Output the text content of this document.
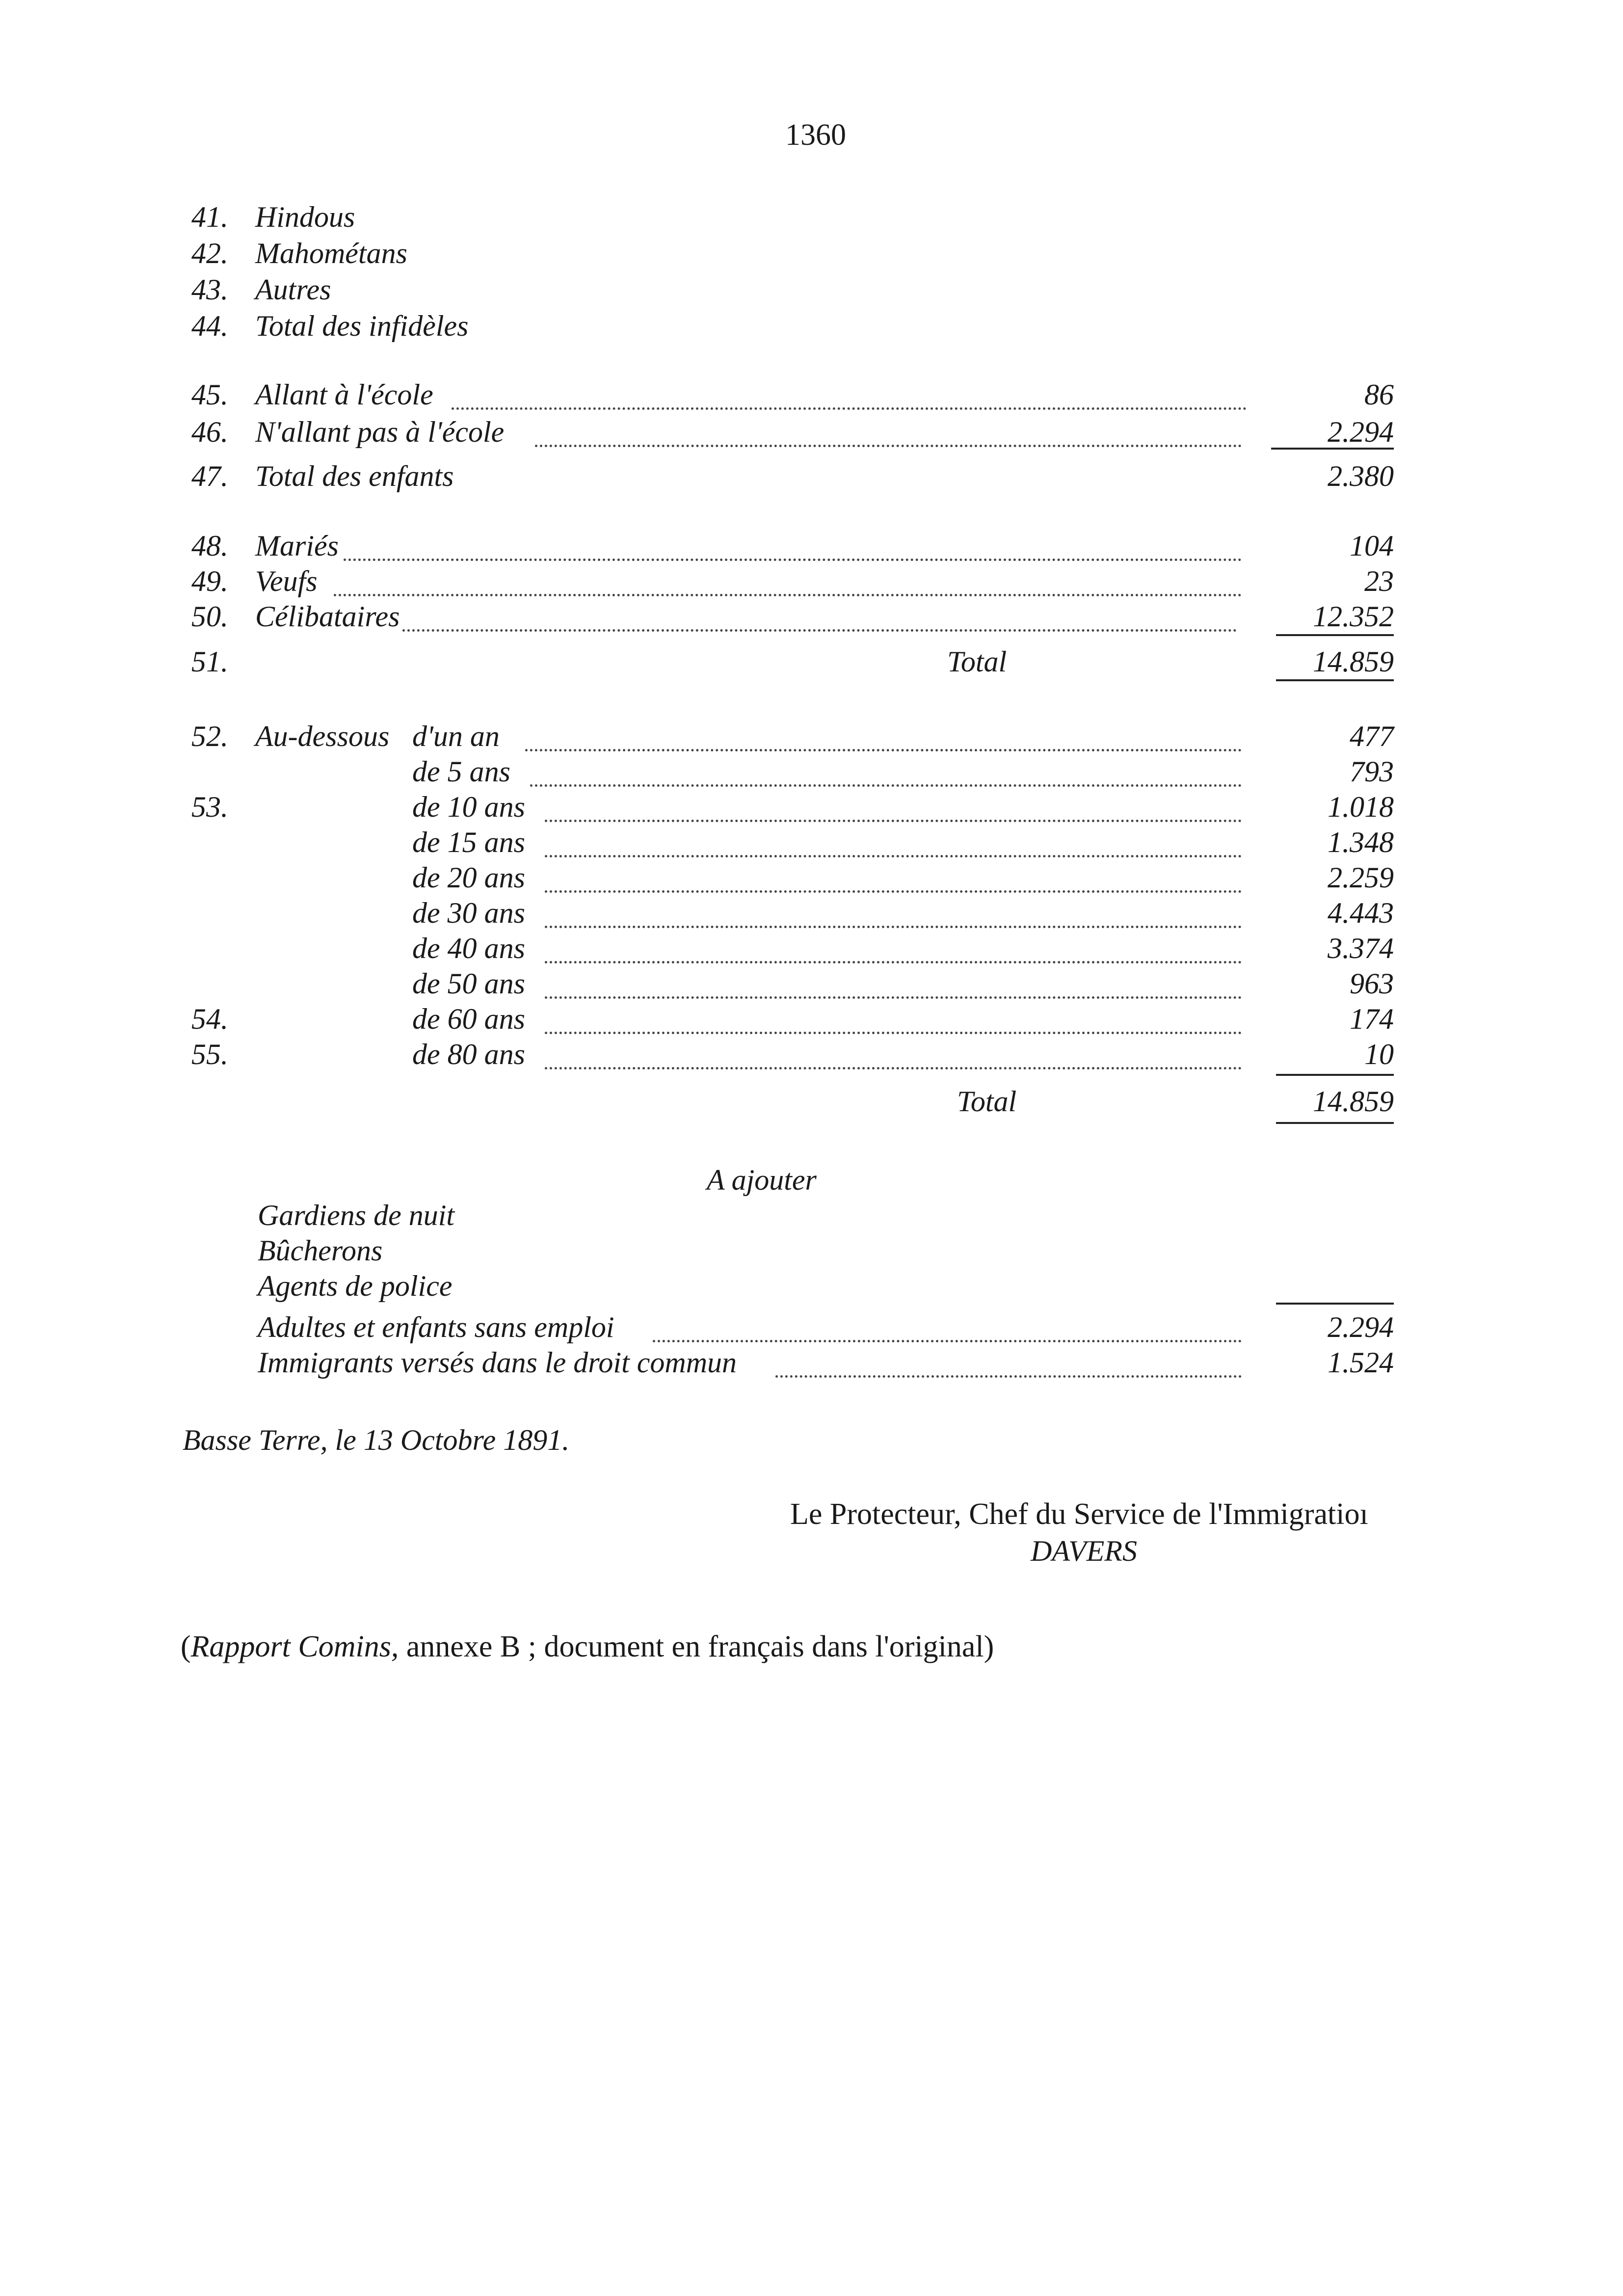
1360
41. Hindous
42. Mahométans
43. Autres
44. Total des infidèles
45. Allant à l'école	86
46. N'allant pas à l'école	2.294
47. Total des enfants	2.380
48. Mariés	104
49. Veufs	23
50. Célibataires	12.352
51.	Total	14.859
52. Au-dessous d'un an	477
de 5 ans	793
53.	de 10 ans	1.018
de 15 ans	1.348
de 20 ans	2.259
de 30 ans	4.443
de 40 ans	3.374
de 50 ans	963
54.	de 60 ans	174
55.	de 80 ans	10
Total	14.859
A ajouter
Gardiens de nuit
Bûcherons
Agents de police
Adultes et enfants sans emploi	2.294
Immigrants versés dans le droit commun	1.524
Basse Terre, le 13 Octobre 1891.
Le Protecteur, Chef du Service de l'Immigratioı
DAVERS
(Rapport Comins, annexe B ; document en français dans l'original)
